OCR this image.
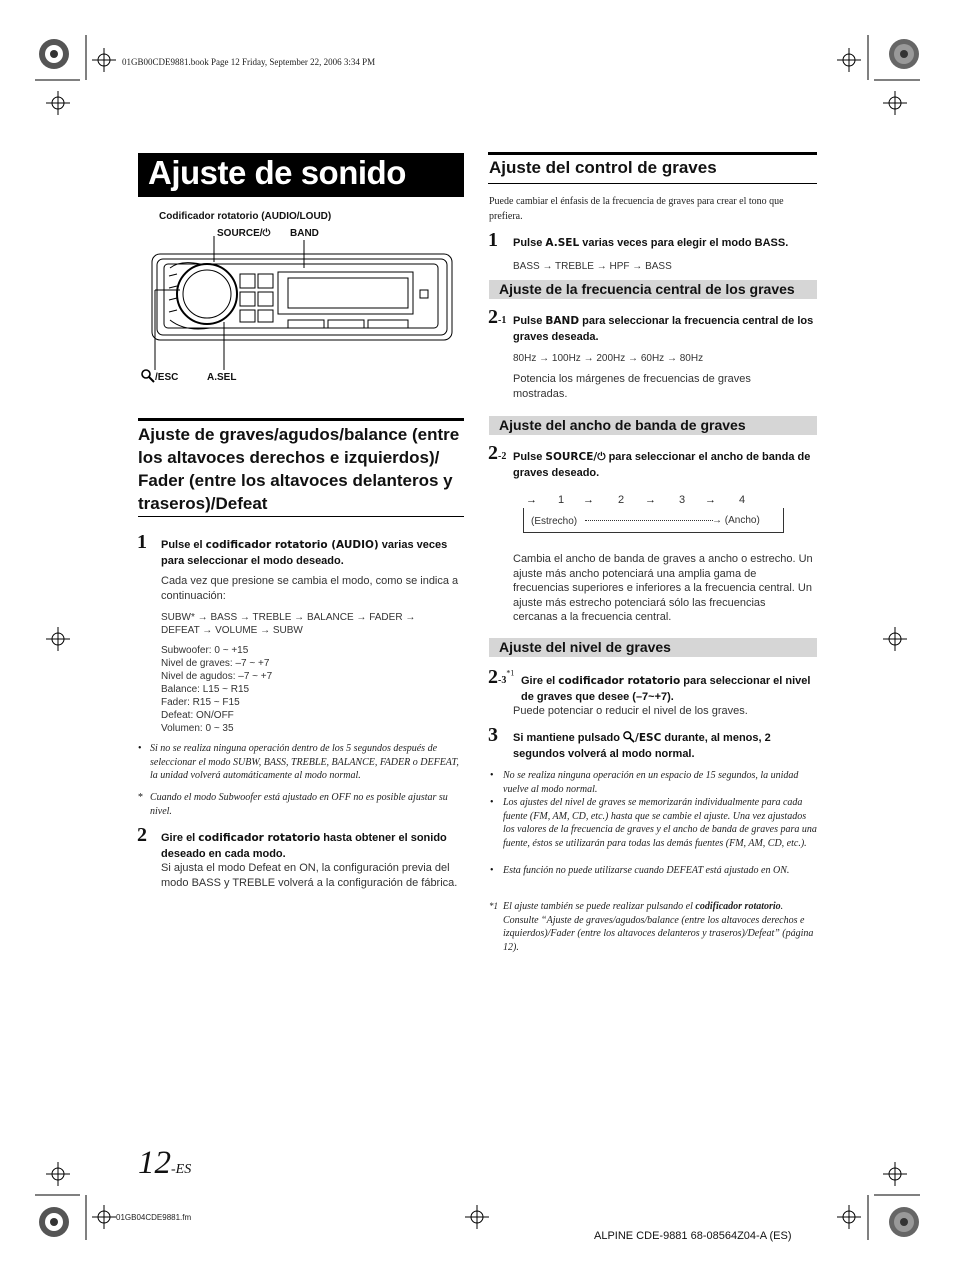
01GB00CDE9881.book Page 12 Friday, September 22, 2006 3:34 PM
Ajuste de sonido
Codificador rotatorio (AUDIO/LOUD)
SOURCE/⏻ BAND
/ESC	A.SEL
Ajuste de graves/agudos/balance (entre los altavoces derechos e izquierdos)/ Fader (entre los altavoces delanteros y traseros)/Defeat
1 Pulse el codificador rotatorio (AUDIO) varias veces para seleccionar el modo deseado.
Cada vez que presione se cambia el modo, como se indica a continuación:
SUBW* → BASS → TREBLE → BALANCE → FADER →
DEFEAT → VOLUME → SUBW
Subwoofer: 0 ~ +15
Nivel de graves: –7 ~ +7
Nivel de agudos: –7 ~ +7
Balance: L15 ~ R15
Fader: R15 ~ F15
Defeat: ON/OFF
Volumen: 0 ~ 35
• Si no se realiza ninguna operación dentro de los 5 segundos después de seleccionar el modo SUBW, BASS, TREBLE, BALANCE, FADER o DEFEAT, la unidad volverá automáticamente al modo normal.
* Cuando el modo Subwoofer está ajustado en OFF no es posible ajustar su nivel.
2 Gire el codificador rotatorio hasta obtener el sonido deseado en cada modo.
Si ajusta el modo Defeat en ON, la configuración previa del modo BASS y TREBLE volverá a la configuración de fábrica.
Ajuste del control de graves
Puede cambiar el énfasis de la frecuencia de graves para crear el tono que prefiera.
1 Pulse A.SEL varias veces para elegir el modo BASS.
BASS → TREBLE → HPF → BASS
Ajuste de la frecuencia central de los graves
2-1 Pulse BAND para seleccionar la frecuencia central de los graves deseada.
80Hz → 100Hz → 200Hz → 60Hz → 80Hz
Potencia los márgenes de frecuencias de graves mostradas.
Ajuste del ancho de banda de graves
2-2 Pulse SOURCE/⏻ para seleccionar el ancho de banda de graves deseado.
→ 1 → 2 → 3 → 4
(Estrecho)	→ (Ancho)
Cambia el ancho de banda de graves a ancho o estrecho. Un ajuste más ancho potenciará una amplia gama de frecuencias superiores e inferiores a la frecuencia central. Un ajuste más estrecho potenciará sólo las frecuencias cercanas a la frecuencia central.
Ajuste del nivel de graves
2-3$^{*1}$
Gire el codificador rotatorio para seleccionar el nivel de graves que desee (–7~+7).
Puede potenciar o reducir el nivel de los graves.
3 Si mantiene pulsado /ESC durante, al menos, 2 segundos volverá al modo normal.
• No se realiza ninguna operación en un espacio de 15 segundos, la unidad vuelve al modo normal.
• Los ajustes del nivel de graves se memorizarán individualmente para cada fuente (FM, AM, CD, etc.) hasta que se cambie el ajuste. Una vez ajustados los valores de la frecuencia de graves y el ancho de banda de graves para una fuente, éstos se utilizarán para todas las demás fuentes (FM, AM, CD, etc.).
• Esta función no puede utilizarse cuando DEFEAT está ajustado en ON.
*1 El ajuste también se puede realizar pulsando el codificador rotatorio. Consulte “Ajuste de graves/agudos/balance (entre los altavoces derechos e izquierdos)/Fader (entre los altavoces delanteros y traseros)/Defeat” (página 12).
12-ES
01GB04CDE9881.fm
ALPINE CDE-9881 68-08564Z04-A (ES)
